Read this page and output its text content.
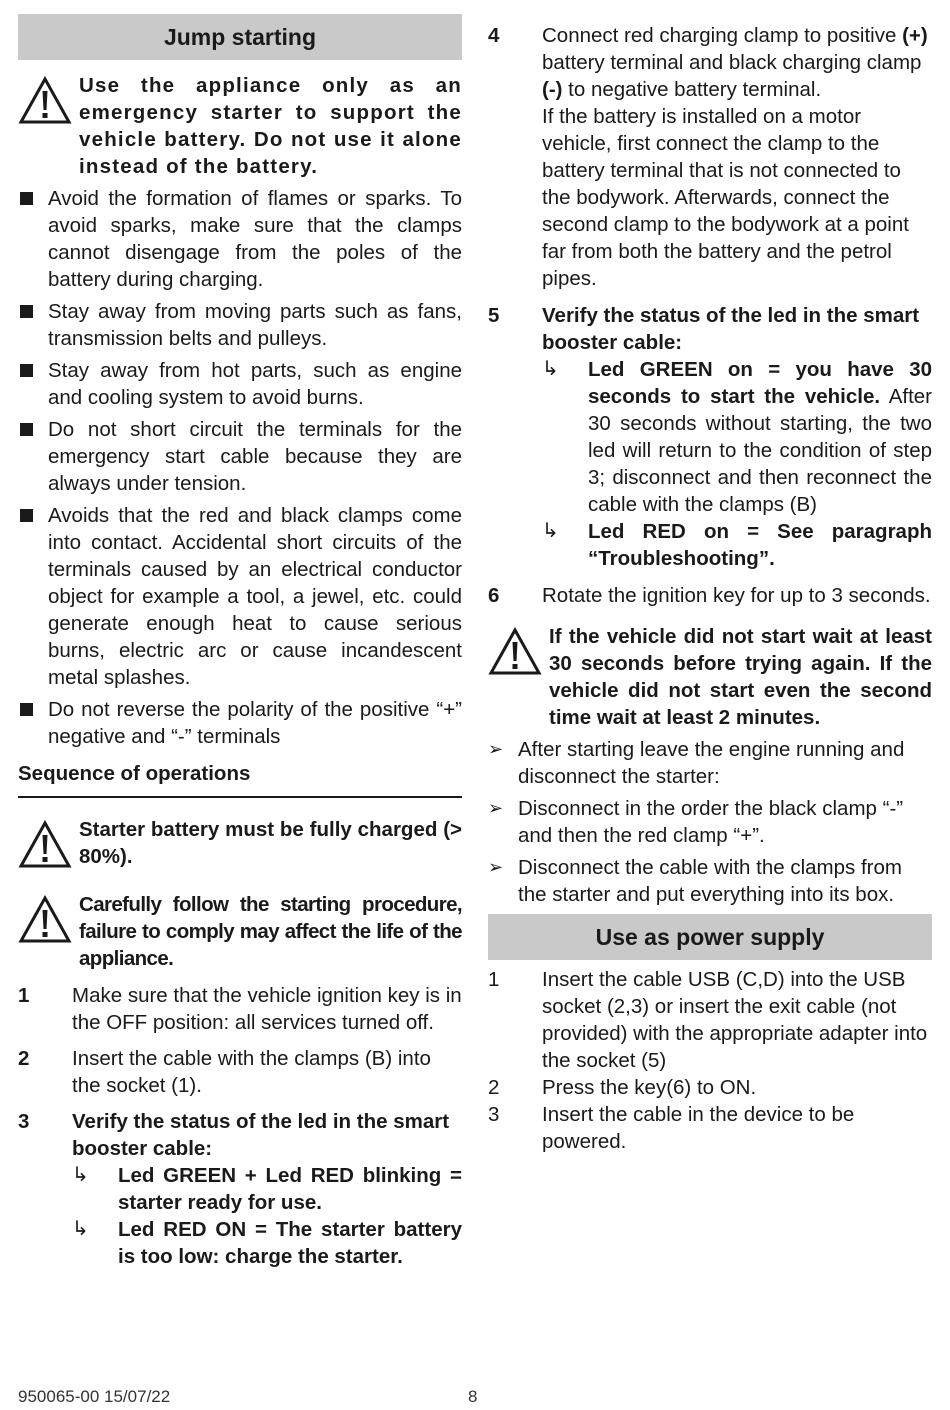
Jump starting
Use the appliance only as an emergency starter to support the vehicle battery. Do not use it alone instead of the battery.
Avoid the formation of flames or sparks. To avoid sparks, make sure that the clamps cannot disengage from the poles of the battery during charging.
Stay away from moving parts such as fans, transmission belts and pulleys.
Stay away from hot parts, such as engine and cooling system to avoid burns.
Do not short circuit the terminals for the emergency start cable because they are always under tension.
Avoids that the red and black clamps come into contact. Accidental short circuits of the terminals caused by an electrical conductor object for example a tool, a jewel, etc. could generate enough heat to cause serious burns, electric arc or cause incandescent metal splashes.
Do not reverse the polarity of the positive “+” negative and “-” terminals
Sequence of operations
Starter battery must be fully charged (> 80%).
Carefully follow the starting procedure, failure to comply may affect the life of the appliance.
1	Make sure that the vehicle ignition key is in the OFF position: all services turned off.
2	Insert the cable with the clamps (B) into the socket (1).
3	Verify the status of the led in the smart booster cable:
↳	Led GREEN + Led RED blinking = starter ready for use.
↳	Led RED ON = The starter battery is too low: charge the starter.
4	Connect red charging clamp to positive (+) battery terminal and black charging clamp (-) to negative battery terminal.
If the battery is installed on a motor vehicle, first connect the clamp to the battery terminal that is not connected to the bodywork. Afterwards, connect the second clamp to the bodywork at a point far from both the battery and the petrol pipes.
5	Verify the status of the led in the smart booster cable:
↳	Led GREEN on = you have 30 seconds to start the vehicle. After 30 seconds without starting, the two led will return to the condition of step 3; disconnect and then reconnect the cable with the clamps (B)
↳	Led RED on = See paragraph “Troubleshooting”.
6	Rotate the ignition key for up to 3 seconds.
If the vehicle did not start wait at least 30 seconds before trying again. If the vehicle did not start even the second time wait at least 2 minutes.
➢ After starting leave the engine running and disconnect the starter:
➢ Disconnect in the order the black clamp “-” and then the red clamp “+”.
➢ Disconnect the cable with the clamps from the starter and put everything into its box.
Use as power supply
1	Insert the cable USB (C,D) into the USB socket (2,3) or insert the exit cable (not provided) with the appropriate adapter into the socket (5)
2	Press the key(6) to ON.
3	Insert the cable in the device to be powered.
950065-00 15/07/22	8
